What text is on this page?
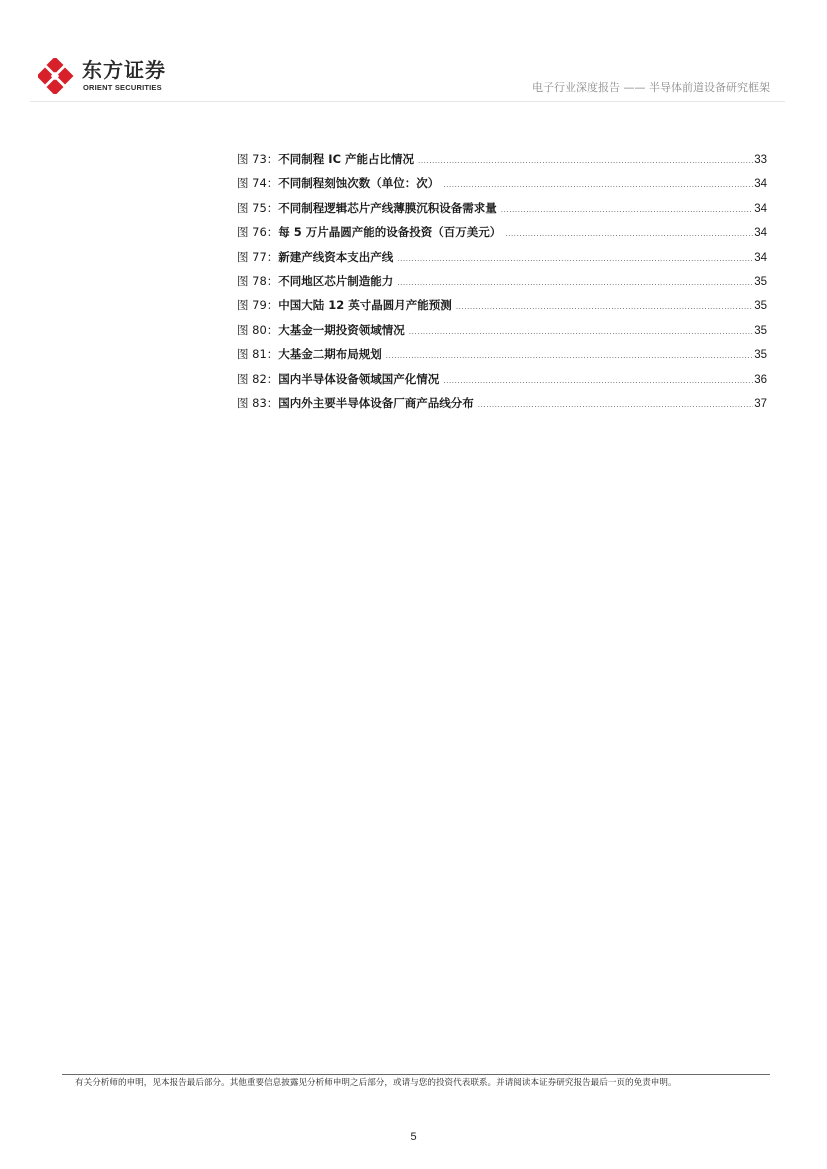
东方证券
ORIENT SECURITIES	电子行业深度报告 —— 半导体前道设备研究框架
图 73：不同制程 IC 产能占比情况 .....	33
图 74：不同制程刻蚀次数（单位：次） .....	34
图 75：不同制程逻辑芯片产线薄膜沉积设备需求量 .....	34
图 76：每 5 万片晶圆产能的设备投资（百万美元） .....	34
图 77：新建产线资本支出产线 .....	34
图 78：不同地区芯片制造能力 .....	35
图 79：中国大陆 12 英寸晶圆月产能预测 .....	35
图 80：大基金一期投资领域情况 .....	35
图 81：大基金二期布局规划 .....	35
图 82：国内半导体设备领域国产化情况 .....	36
图 83：国内外主要半导体设备厂商产品线分布 .....	37
有关分析师的申明，见本报告最后部分。其他重要信息披露见分析师申明之后部分，或请与您的投资代表联系。并请阅读本证券研究报告最后一页的免责申明。
5
